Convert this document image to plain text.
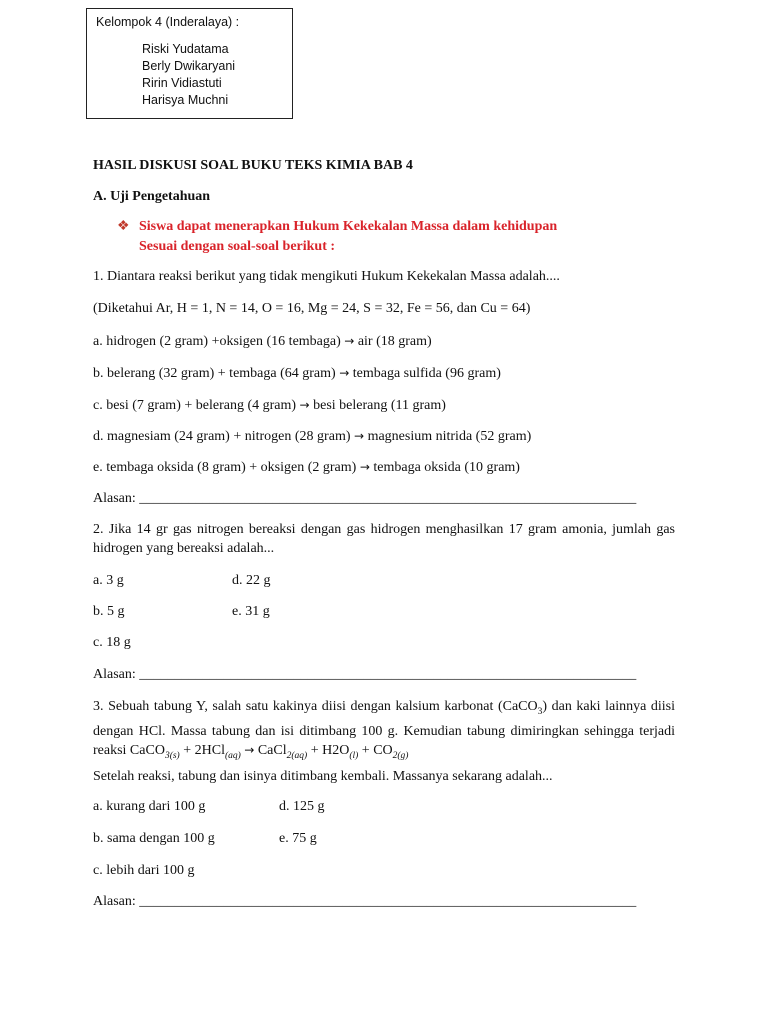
Kelompok 4 (Inderalaya) :
Riski Yudatama
Berly Dwikaryani
Ririn Vidiastuti
Harisya Muchni
HASIL DISKUSI SOAL BUKU TEKS KIMIA BAB 4
A. Uji Pengetahuan
❖ Siswa dapat menerapkan Hukum Kekekalan Massa dalam kehidupan
Sesuai dengan soal-soal berikut :
1. Diantara reaksi berikut yang tidak mengikuti Hukum Kekekalan Massa adalah....
(Diketahui Ar, H = 1, N = 14, O = 16, Mg = 24, S = 32, Fe = 56, dan Cu = 64)
a. hidrogen (2 gram) +oksigen (16 tembaga) → air (18 gram)
b. belerang (32 gram) + tembaga (64 gram) → tembaga sulfida (96 gram)
c. besi (7 gram) + belerang (4 gram) → besi belerang (11 gram)
d. magnesiam (24 gram) + nitrogen (28 gram) → magnesium nitrida (52 gram)
e. tembaga oksida (8 gram) + oksigen (2 gram) → tembaga oksida (10 gram)
Alasan: _______________________________________________________________________
2. Jika 14 gr gas nitrogen bereaksi dengan gas hidrogen menghasilkan 17 gram amonia, jumlah gas hidrogen yang bereaksi adalah...
a. 3 g	d. 22 g
b. 5 g	e. 31 g
c. 18 g
Alasan: _______________________________________________________________________
3. Sebuah tabung Y, salah satu kakinya diisi dengan kalsium karbonat (CaCO$_3$) dan kaki lainnya diisi dengan HCl. Massa tabung dan isi ditimbang 100 g. Kemudian tabung dimiringkan sehingga terjadi reaksi CaCO$_{3(s)}$ + 2HCl$_{(aq)}$ → CaCl$_{2(aq)}$ + $H2O_{(l)} + CO_{2(g)}$
Setelah reaksi, tabung dan isinya ditimbang kembali. Massanya sekarang adalah...
a. kurang dari 100 g	d. 125 g
b. sama dengan 100 g	e. 75 g
c. lebih dari 100 g
Alasan: _______________________________________________________________________
